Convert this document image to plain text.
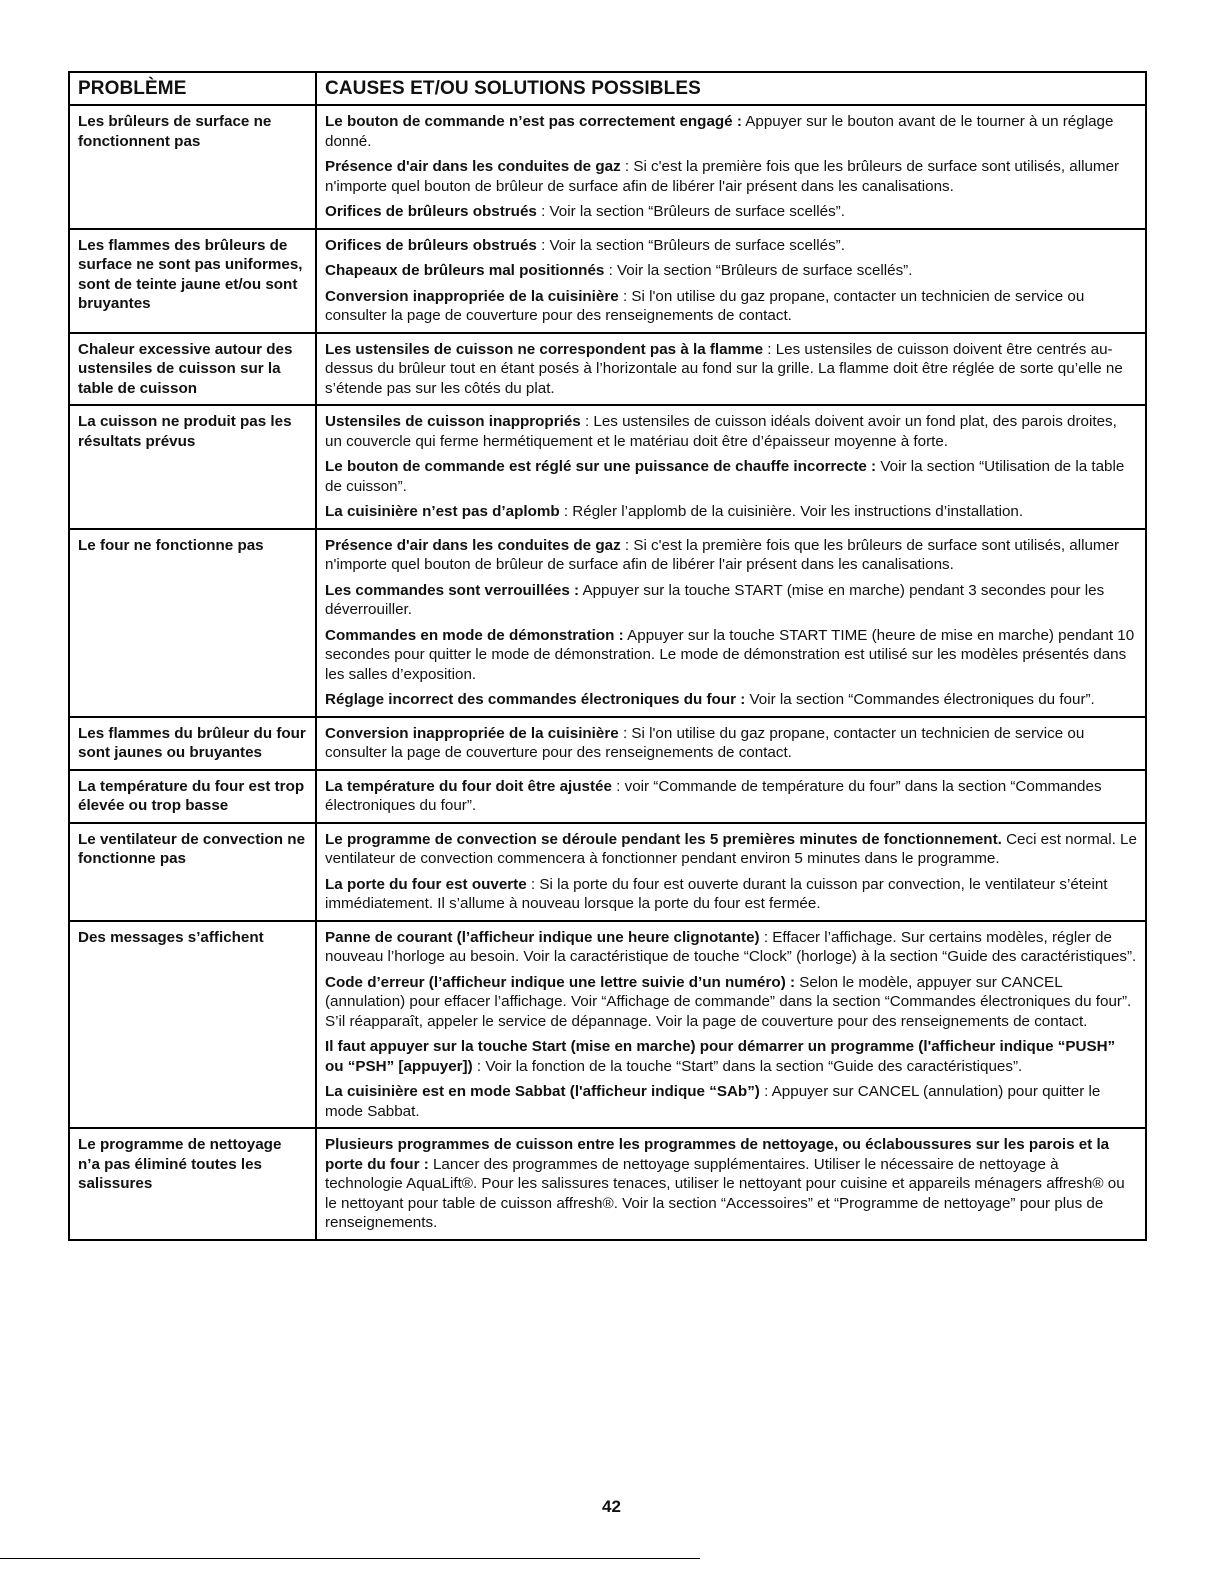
PROBLÈME	CAUSES ET/OU SOLUTIONS POSSIBLES
Les brûleurs de surface ne fonctionnent pas	Le bouton de commande n’est pas correctement engagé : Appuyer sur le bouton avant de le tourner à un réglage donné.
Présence d'air dans les conduites de gaz : Si c'est la première fois que les brûleurs de surface sont utilisés, allumer n'importe quel bouton de brûleur de surface afin de libérer l'air présent dans les canalisations.
Orifices de brûleurs obstrués : Voir la section “Brûleurs de surface scellés”.

Les flammes des brûleurs de surface ne sont pas uniformes, sont de teinte jaune et/ou sont bruyantes	Orifices de brûleurs obstrués : Voir la section “Brûleurs de surface scellés”.
Chapeaux de brûleurs mal positionnés : Voir la section “Brûleurs de surface scellés”.
Conversion inappropriée de la cuisinière : Si l'on utilise du gaz propane, contacter un technicien de service ou consulter la page de couverture pour des renseignements de contact.

Chaleur excessive autour des ustensiles de cuisson sur la table de cuisson	Les ustensiles de cuisson ne correspondent pas à la flamme : Les ustensiles de cuisson doivent être centrés au-dessus du brûleur tout en étant posés à l’horizontale au fond sur la grille. La flamme doit être réglée de sorte qu’elle ne s’étende pas sur les côtés du plat.

La cuisson ne produit pas les résultats prévus	Ustensiles de cuisson inappropriés : Les ustensiles de cuisson idéals doivent avoir un fond plat, des parois droites, un couvercle qui ferme hermétiquement et le matériau doit être d’épaisseur moyenne à forte.
Le bouton de commande est réglé sur une puissance de chauffe incorrecte : Voir la section “Utilisation de la table de cuisson”.
La cuisinière n’est pas d’aplomb : Régler l’applomb de la cuisinière. Voir les instructions d’installation.

Le four ne fonctionne pas	Présence d'air dans les conduites de gaz : Si c'est la première fois que les brûleurs de surface sont utilisés, allumer n'importe quel bouton de brûleur de surface afin de libérer l'air présent dans les canalisations.
Les commandes sont verrouillées : Appuyer sur la touche START (mise en marche) pendant 3 secondes pour les déverrouiller.
Commandes en mode de démonstration : Appuyer sur la touche START TIME (heure de mise en marche) pendant 10 secondes pour quitter le mode de démonstration. Le mode de démonstration est utilisé sur les modèles présentés dans les salles d’exposition.
Réglage incorrect des commandes électroniques du four : Voir la section “Commandes électroniques du four”.

Les flammes du brûleur du four sont jaunes ou bruyantes	Conversion inappropriée de la cuisinière : Si l'on utilise du gaz propane, contacter un technicien de service ou consulter la page de couverture pour des renseignements de contact.

La température du four est trop élevée ou trop basse	La température du four doit être ajustée : voir “Commande de température du four” dans la section “Commandes électroniques du four”.

Le ventilateur de convection ne fonctionne pas	Le programme de convection se déroule pendant les 5 premières minutes de fonctionnement. Ceci est normal. Le ventilateur de convection commencera à fonctionner pendant environ 5 minutes dans le programme.
La porte du four est ouverte : Si la porte du four est ouverte durant la cuisson par convection, le ventilateur s’éteint immédiatement. Il s’allume à nouveau lorsque la porte du four est fermée.

Des messages s’affichent	Panne de courant (l’afficheur indique une heure clignotante) : Effacer l’affichage. Sur certains modèles, régler de nouveau l’horloge au besoin. Voir la caractéristique de touche “Clock” (horloge) à la section “Guide des caractéristiques”.
Code d’erreur (l’afficheur indique une lettre suivie d’un numéro) : Selon le modèle, appuyer sur CANCEL (annulation) pour effacer l’affichage. Voir “Affichage de commande” dans la section “Commandes électroniques du four”. S’il réapparaît, appeler le service de dépannage. Voir la page de couverture pour des renseignements de contact.
Il faut appuyer sur la touche Start (mise en marche) pour démarrer un programme (l'afficheur indique “PUSH” ou “PSH” [appuyer]) : Voir la fonction de la touche “Start” dans la section “Guide des caractéristiques”.
La cuisinière est en mode Sabbat (l'afficheur indique “SAb”) : Appuyer sur CANCEL (annulation) pour quitter le mode Sabbat.

Le programme de nettoyage n’a pas éliminé toutes les salissures	Plusieurs programmes de cuisson entre les programmes de nettoyage, ou éclaboussures sur les parois et la porte du four : Lancer des programmes de nettoyage supplémentaires. Utiliser le nécessaire de nettoyage à technologie AquaLift®. Pour les salissures tenaces, utiliser le nettoyant pour cuisine et appareils ménagers affresh® ou le nettoyant pour table de cuisson affresh®. Voir la section “Accessoires” et “Programme de nettoyage” pour plus de renseignements.
42
